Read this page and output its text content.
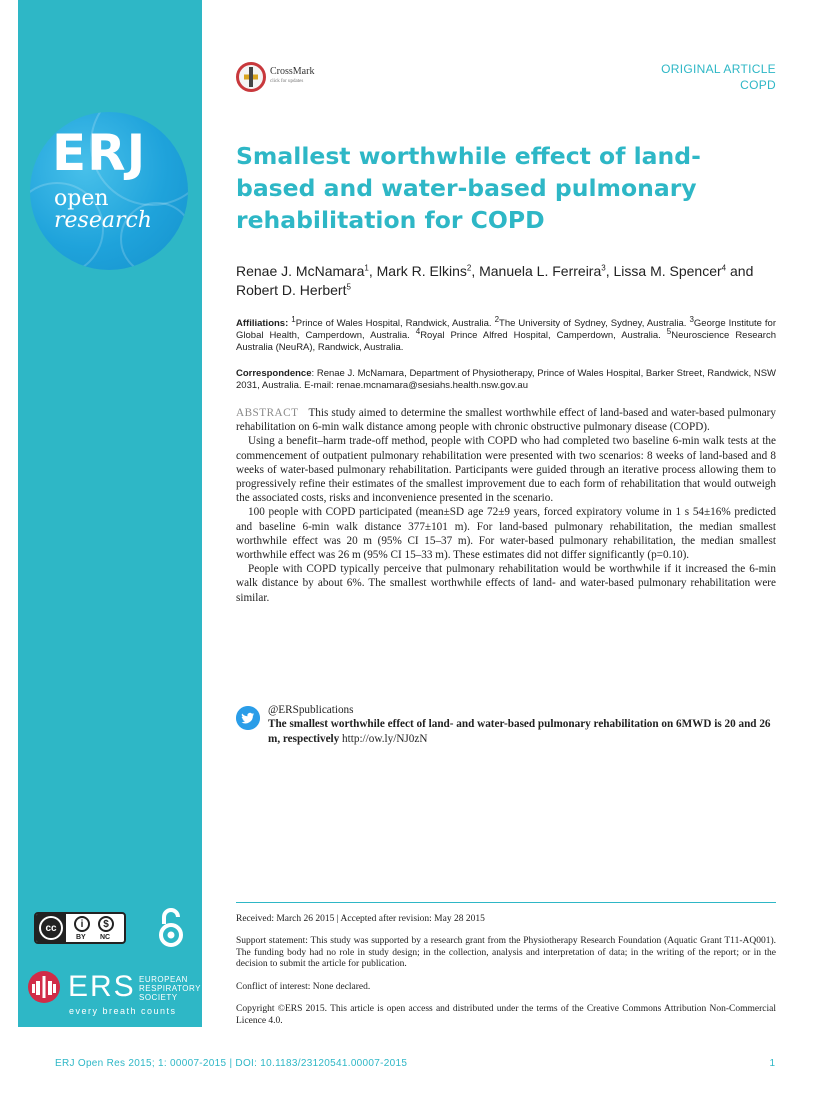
ERJ
open
research
cc	i	$
BY NC
ERS EUROPEAN
RESPIRATORY
SOCIETY
every breath counts
CrossMark
click for updates
ORIGINAL ARTICLE
COPD
Smallest worthwhile effect of land-based and water-based pulmonary rehabilitation for COPD
Renae J. McNamara$^1$, Mark R. Elkins$^2$, Manuela L. Ferreira$^3$, Lissa M. Spencer$^4$ and Robert D. Herbert$^5$
Affiliations: $^1$Prince of Wales Hospital, Randwick, Australia. $^2$The University of Sydney, Sydney, Australia. $^3$George Institute for Global Health, Camperdown, Australia. $^4$Royal Prince Alfred Hospital, Camperdown, Australia. $^5$Neuroscience Research Australia (NeuRA), Randwick, Australia.
Correspondence: Renae J. McNamara, Department of Physiotherapy, Prince of Wales Hospital, Barker Street, Randwick, NSW 2031, Australia. E-mail: renae.mcnamara@sesiahs.health.nsw.gov.au

ABSTRACT This study aimed to determine the smallest worthwhile effect of land-based and water-based pulmonary rehabilitation on 6-min walk distance among people with chronic obstructive pulmonary disease (COPD).

Using a benefit–harm trade-off method, people with COPD who had completed two baseline 6-min walk tests at the commencement of outpatient pulmonary rehabilitation were presented with two scenarios: 8 weeks of land-based and 8 weeks of water-based pulmonary rehabilitation. Participants were guided through an iterative process allowing them to progressively refine their estimates of the smallest improvement due to each form of rehabilitation that would outweigh the associated costs, risks and inconvenience presented in the scenario.

100 people with COPD participated (mean±SD age 72±9 years, forced expiratory volume in 1 s 54±16% predicted and baseline 6-min walk distance 377±101 m). For land-based pulmonary rehabilitation, the median smallest worthwhile effect was 20 m (95% CI 15–37 m). For water-based pulmonary rehabilitation, the median smallest worthwhile effect was 26 m (95% CI 15–33 m). These estimates did not differ significantly (p=0.10).

People with COPD typically perceive that pulmonary rehabilitation would be worthwhile if it increased the 6-min walk distance by about 6%. The smallest worthwhile effects of land- and water-based pulmonary rehabilitation were similar.

@ERSpublications
The smallest worthwhile effect of land- and water-based pulmonary rehabilitation on 6MWD is 20 and 26 m, respectively http://ow.ly/NJ0zN
Received: March 26 2015 | Accepted after revision: May 28 2015
Support statement: This study was supported by a research grant from the Physiotherapy Research Foundation (Aquatic Grant T11-AQ001). The funding body had no role in study design; in the collection, analysis and interpretation of data; in the writing of the report; or in the decision to submit the article for publication.
Conflict of interest: None declared.
Copyright ©ERS 2015. This article is open access and distributed under the terms of the Creative Commons Attribution Non-Commercial Licence 4.0.
ERJ Open Res 2015; 1: 00007-2015 | DOI: 10.1183/23120541.00007-2015	1
